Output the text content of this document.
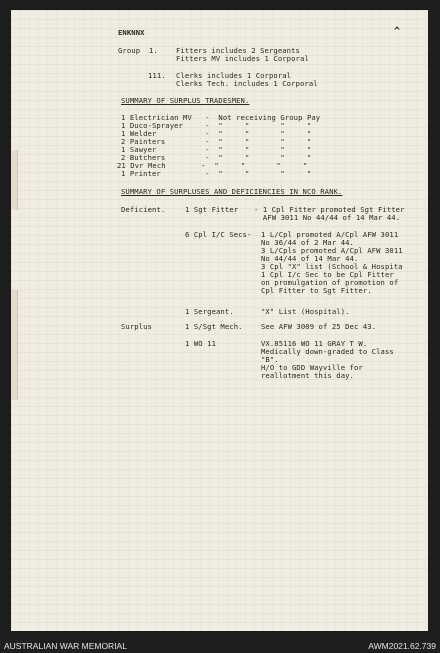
ENKNNX	^
Group  1.	Fitters includes 2 Sergeants
Fitters MV includes 1 Corporal
111. Clerks includes 1 Corporal
Clerks Tech. includes 1 Corporal
SUMMARY OF SURPLUS TRADESMEN.
1 Electrician MV   -  Not receiving Group Pay
1 Duco-Sprayer     -  "     "       "     "
1 Welder           -  "     "       "     "
2 Painters         -  "     "       "     "
1 Sawyer           -  "     "       "     "
2 Butchers         -  "     "       "     "
21 Dvr Mech        -  "     "       "     "
1 Printer          -  "     "       "     "
SUMMARY OF SURPLUSES AND DEFICIENCIES IN NCO RANK.
Deficient.	1 Sgt Fitter - 1 Cpl Fitter promoted Sgt Fitter
AFW 3011 No 44/44 of 14 Mar 44.
6 Cpl I/C Secs- 1 L/Cpl promoted A/Cpl AFW 3011
No 36/44 of 2 Mar 44.
3 L/Cpls promoted A/Cpl AFW 3011
No 44/44 of 14 Mar 44.
3 Cpl "X" list (School & Hospita
1 Cpl I/c Sec to be Cpl Fitter
on promulgation of promotion of
Cpl Fitter to Sgt Fitter.
1 Sergeant.	"X" List (Hospital).
Surplus	1 S/Sgt Mech.	See AFW 3009 of 25 Dec 43.
1 WO 11	VX.85116 WO 11 GRAY T W.
Medically down-graded to Class
"B".
H/O to GDD Wayville for
reallotment this day.
AUSTRALIAN WAR MEMORIAL	AWM2021.62.739
